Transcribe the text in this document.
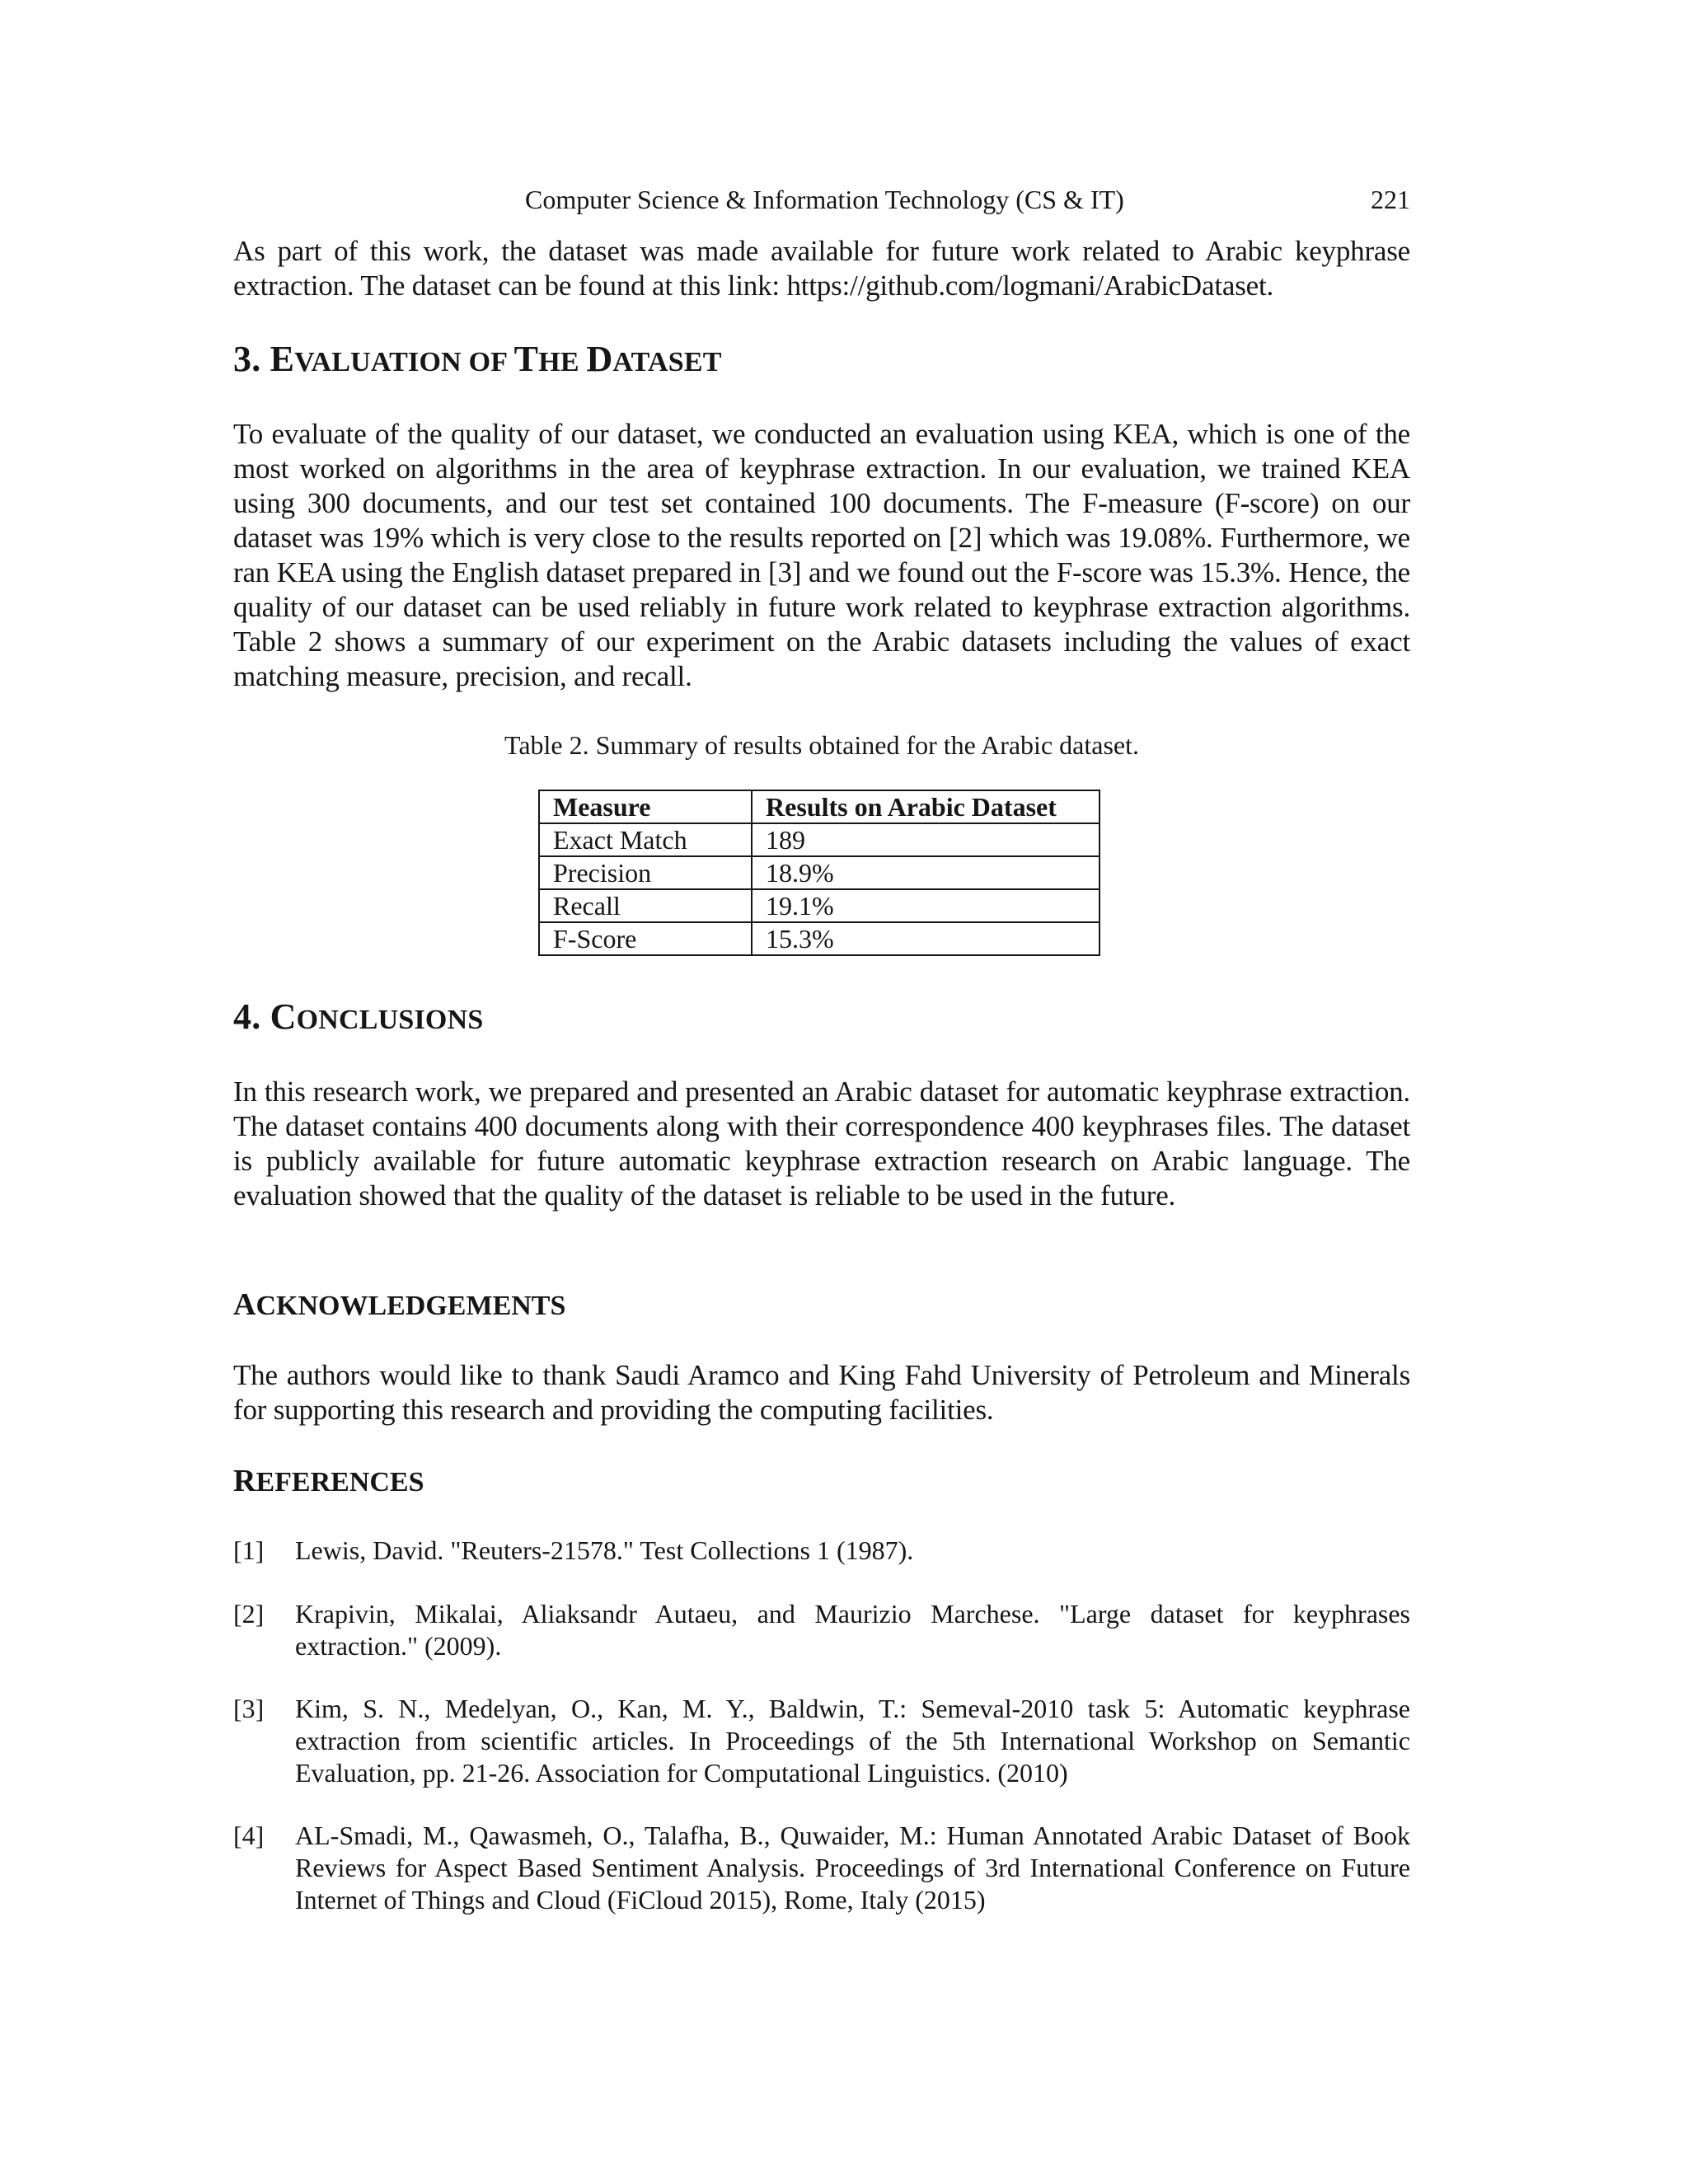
Computer Science & Information Technology (CS & IT)	221

As part of this work, the dataset was made available for future work related to Arabic keyphrase extraction. The dataset can be found at this link: https://github.com/logmani/ArabicDataset.

3. EVALUATION OF THE DATASET

To evaluate of the quality of our dataset, we conducted an evaluation using KEA, which is one of the most worked on algorithms in the area of keyphrase extraction. In our evaluation, we trained KEA using 300 documents, and our test set contained 100 documents. The F-measure (F-score) on our dataset was 19% which is very close to the results reported on [2] which was 19.08%. Furthermore, we ran KEA using the English dataset prepared in [3] and we found out the F-score was 15.3%. Hence, the quality of our dataset can be used reliably in future work related to keyphrase extraction algorithms. Table 2 shows a summary of our experiment on the Arabic datasets including the values of exact matching measure, precision, and recall.

Table 2. Summary of results obtained for the Arabic dataset.

Measure	Results on Arabic Dataset
Exact Match	189
Precision	18.9%
Recall	19.1%
F-Score	15.3%
4. CONCLUSIONS

In this research work, we prepared and presented an Arabic dataset for automatic keyphrase extraction. The dataset contains 400 documents along with their correspondence 400 keyphrases files. The dataset is publicly available for future automatic keyphrase extraction research on Arabic language. The evaluation showed that the quality of the dataset is reliable to be used in the future.

ACKNOWLEDGEMENTS

The authors would like to thank Saudi Aramco and King Fahd University of Petroleum and Minerals for supporting this research and providing the computing facilities.

REFERENCES
[1] Lewis, David. "Reuters-21578." Test Collections 1 (1987).
[2] Krapivin, Mikalai, Aliaksandr Autaeu, and Maurizio Marchese. "Large dataset for keyphrases extraction." (2009).
[3] Kim, S. N., Medelyan, O., Kan, M. Y., Baldwin, T.: Semeval-2010 task 5: Automatic keyphrase extraction from scientific articles. In Proceedings of the 5th International Workshop on Semantic Evaluation, pp. 21-26. Association for Computational Linguistics. (2010)
[4] AL-Smadi, M., Qawasmeh, O., Talafha, B., Quwaider, M.: Human Annotated Arabic Dataset of Book Reviews for Aspect Based Sentiment Analysis. Proceedings of 3rd International Conference on Future Internet of Things and Cloud (FiCloud 2015), Rome, Italy (2015)
